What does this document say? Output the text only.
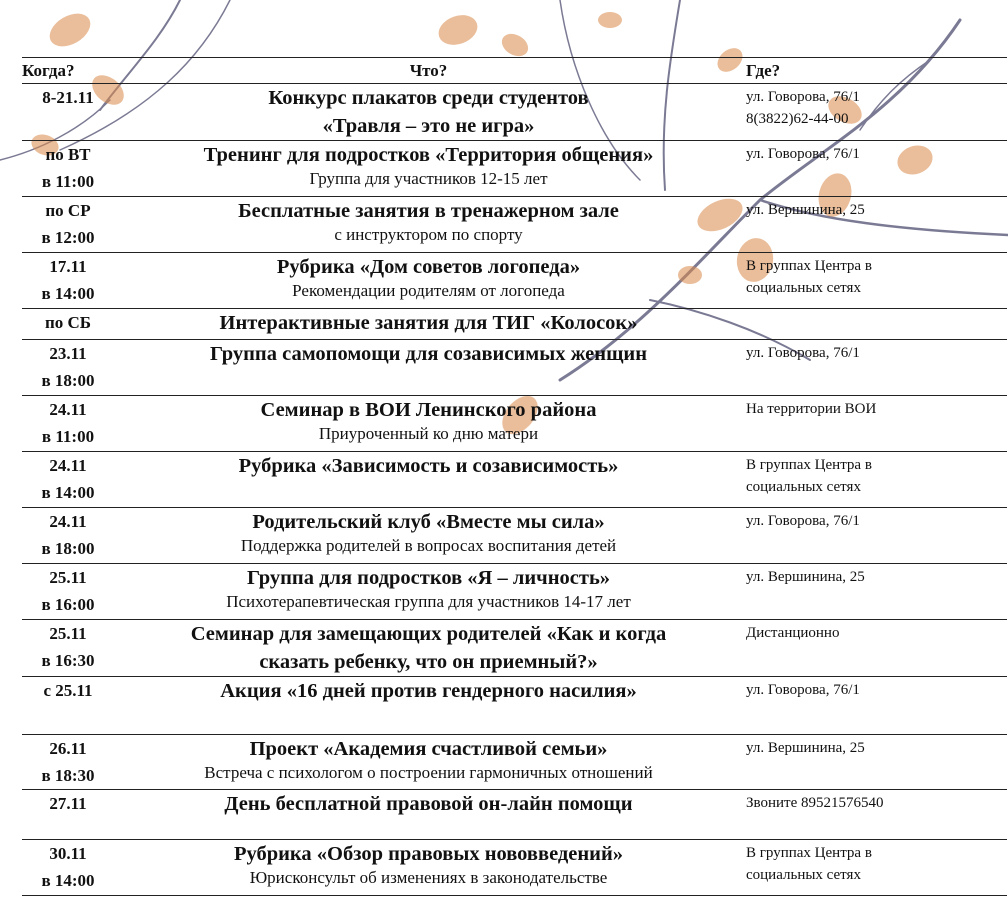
Когда?	Что?	Где?

8-21.11	Конкурс плакатов среди студентов
«Травля – это не игра»	ул. Говорова, 76/1
8(3822)62-44-00

по ВТ
в 11:00	Тренинг для подростков «Территория общения»
Группа для участников 12-15 лет	ул. Говорова, 76/1

по СР
в 12:00	Бесплатные занятия в тренажерном зале
с инструктором по спорту	ул. Вершинина, 25

17.11
в 14:00	Рубрика «Дом советов логопеда»
Рекомендации родителям от логопеда	В группах Центра в
социальных сетях

по СБ	Интерактивные занятия для ТИГ «Колосок»	

23.11
в 18:00	Группа самопомощи для созависимых женщин	ул. Говорова, 76/1

24.11
в 11:00	Семинар в ВОИ Ленинского района
Приуроченный ко дню матери	На территории ВОИ

24.11
в 14:00	Рубрика «Зависимость и созависимость»	В группах Центра в
социальных сетях

24.11
в 18:00	Родительский клуб «Вместе мы сила»
Поддержка родителей в вопросах воспитания детей	ул. Говорова, 76/1

25.11
в 16:00	Группа для подростков «Я – личность»
Психотерапевтическая группа для участников 14-17 лет	ул. Вершинина, 25

25.11
в 16:30	Семинар для замещающих родителей «Как и когда
сказать ребенку, что он приемный?»	Дистанционно

с 25.11	Акция «16 дней против гендерного насилия»	ул. Говорова, 76/1

26.11
в 18:30	Проект «Академия счастливой семьи»
Встреча с психологом о построении гармоничных отношений	ул. Вершинина, 25

27.11	День бесплатной правовой он-лайн помощи	Звоните 89521576540

30.11
в 14:00	Рубрика «Обзор правовых нововведений»
Юрисконсульт об изменениях в законодательстве	В группах Центра в
социальных сетях
